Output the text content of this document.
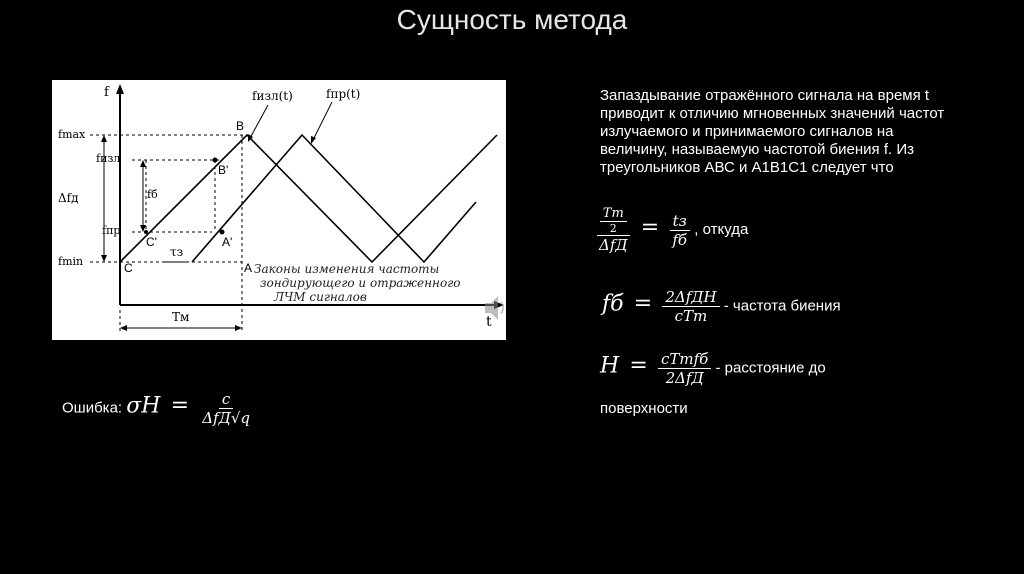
Сущность метода
f
t
fmax
fизл
fб
fпр
fmin
Δfд
τз
Tм
fизл(t)	fпр(t)
A
A'
B
B'
C
C'
Законы изменения частоты
зондирующего и отраженного
ЛЧМ сигналов
Запаздывание отражённого сигнала на время t приводит к отличию мгновенных значений частот излучаемого и принимаемого сигналов на величину, называемую частотой биения f. Из треугольников АВС и А1В1С1 следует что
$\frac{\frac{Tm}{2}}{\text{ΔfД}} = \frac{tз}{fб}$ , откуда
fб = $\frac{\text{2ΔfДH}}{\text{cTm}}$ - частота биения
$H = \frac{\text{cTmfб}}{\text{2ΔfД}}$ - расстояние до
поверхности
Ошибка: $\sigma H = \frac{c}{\text{ΔfД√q}}$
